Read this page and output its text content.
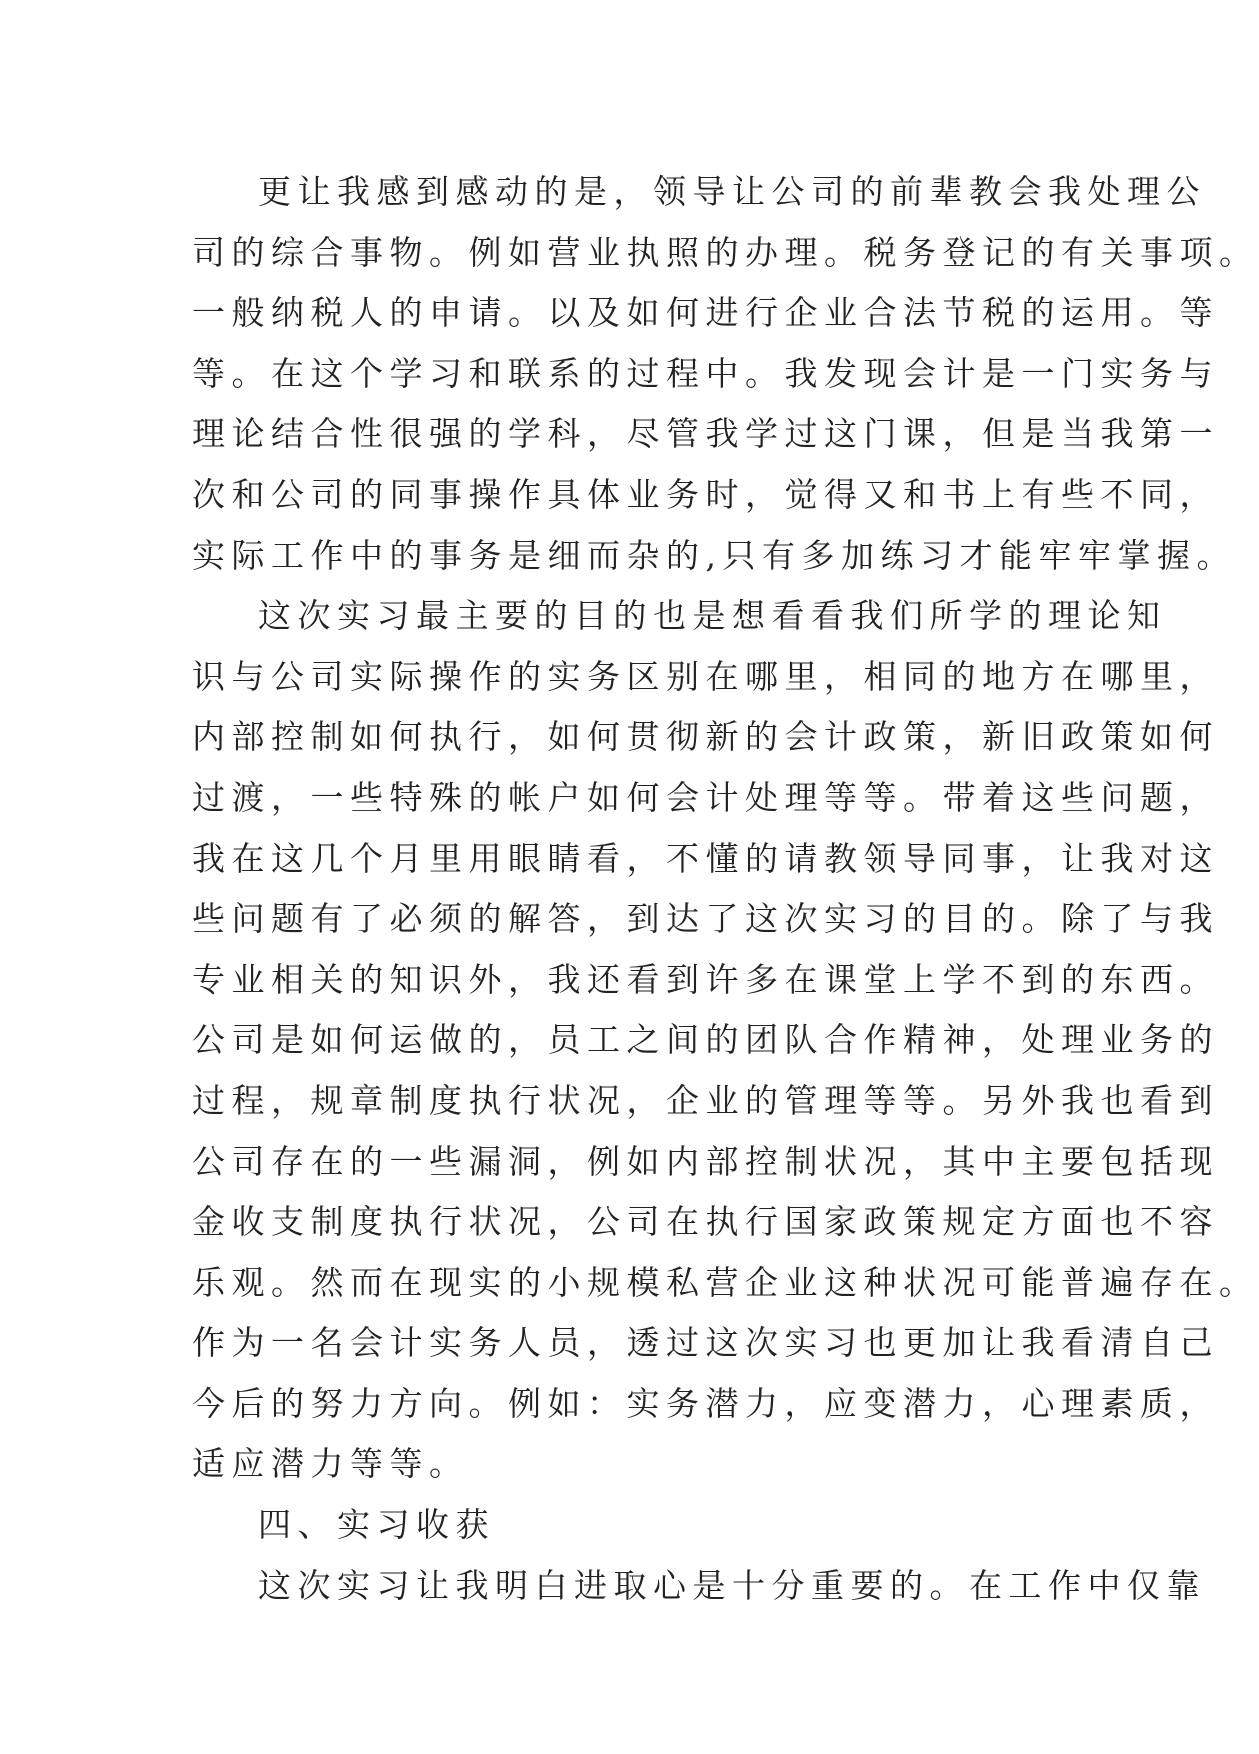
更让我感到感动的是，领导让公司的前辈教会我处理公
司的综合事物。例如营业执照的办理。税务登记的有关事项。
一般纳税人的申请。以及如何进行企业合法节税的运用。等
等。在这个学习和联系的过程中。我发现会计是一门实务与
理论结合性很强的学科，尽管我学过这门课，但是当我第一
次和公司的同事操作具体业务时，觉得又和书上有些不同，
实际工作中的事务是细而杂的,只有多加练习才能牢牢掌握。
这次实习最主要的目的也是想看看我们所学的理论知
识与公司实际操作的实务区别在哪里，相同的地方在哪里，
内部控制如何执行，如何贯彻新的会计政策，新旧政策如何
过渡，一些特殊的帐户如何会计处理等等。带着这些问题，
我在这几个月里用眼睛看，不懂的请教领导同事，让我对这
些问题有了必须的解答，到达了这次实习的目的。除了与我
专业相关的知识外，我还看到许多在课堂上学不到的东西。
公司是如何运做的，员工之间的团队合作精神，处理业务的
过程，规章制度执行状况，企业的管理等等。另外我也看到
公司存在的一些漏洞，例如内部控制状况，其中主要包括现
金收支制度执行状况，公司在执行国家政策规定方面也不容
乐观。然而在现实的小规模私营企业这种状况可能普遍存在。
作为一名会计实务人员，透过这次实习也更加让我看清自己
今后的努力方向。例如：实务潜力，应变潜力，心理素质，
适应潜力等等。
四、实习收获
这次实习让我明白进取心是十分重要的。在工作中仅靠
